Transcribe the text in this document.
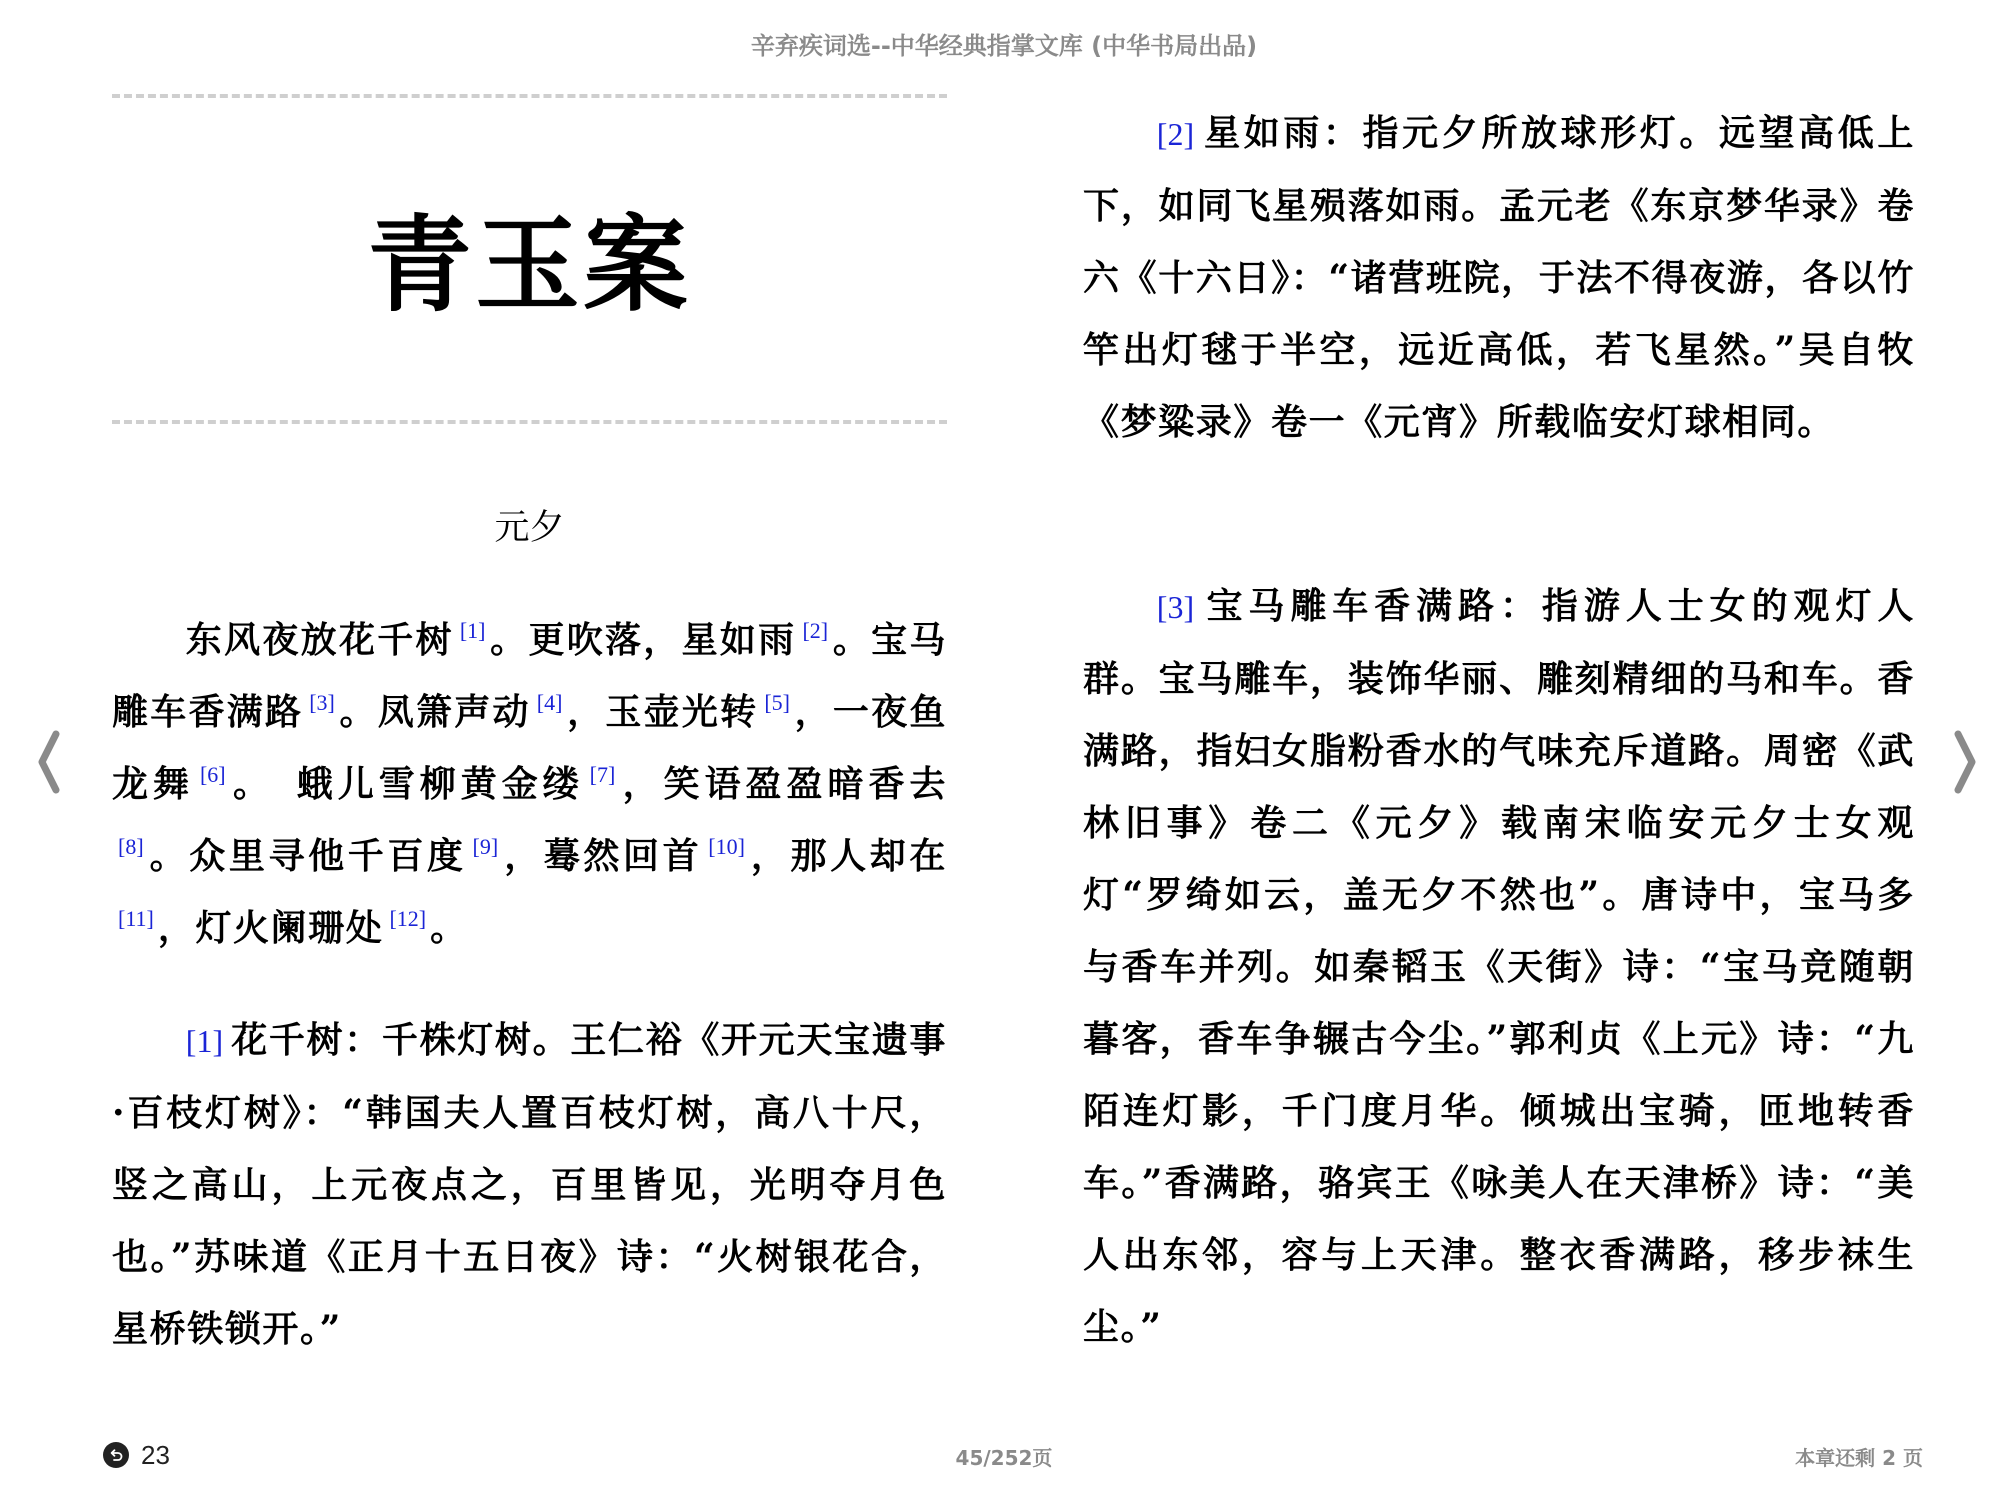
辛弃疾词选--中华经典指掌文库 (中华书局出品)
青玉案
元夕

东风夜放花千树 [1] 。更吹落，星如雨 [2] 。宝马雕车香满路 [3] 。凤箫声动 [4] ，玉壶光转 [5] ，一夜鱼龙舞 [6] 。　蛾儿雪柳黄金缕 [7] ，笑语盈盈暗香去[8] 。众里寻他千百度 [9] ，蓦然回首 [10] ，那人却在[11] ，灯火阑珊处 [12] 。

[1] 花千树：千株灯树。王仁裕《开元天宝遗事·百枝灯树》：“韩国夫人置百枝灯树，高八十尺，竖之高山，上元夜点之，百里皆见，光明夺月色也。”苏味道《正月十五日夜》诗：“火树银花合，星桥铁锁开。”

[2] 星如雨：指元夕所放球形灯。远望高低上下，如同飞星殒落如雨。孟元老《东京梦华录》卷六《十六日》：“诸营班院，于法不得夜游，各以竹竿出灯毬于半空，远近高低，若飞星然。”吴自牧《梦粱录》卷一《元宵》所载临安灯球相同。

[3] 宝马雕车香满路：指游人士女的观灯人群。宝马雕车，装饰华丽、雕刻精细的马和车。香满路，指妇女脂粉香水的气味充斥道路。周密《武林旧事》卷二《元夕》载南宋临安元夕士女观灯“罗绮如云，盖无夕不然也”。唐诗中，宝马多与香车并列。如秦韬玉《天街》诗：“宝马竞随朝暮客，香车争辗古今尘。”郭利贞《上元》诗：“九陌连灯影，千门度月华。倾城出宝骑，匝地转香车。”香满路，骆宾王《咏美人在天津桥》诗：“美人出东邻，容与上天津。整衣香满路，移步袜生尘。”

23	45/252页	本章还剩 2 页
